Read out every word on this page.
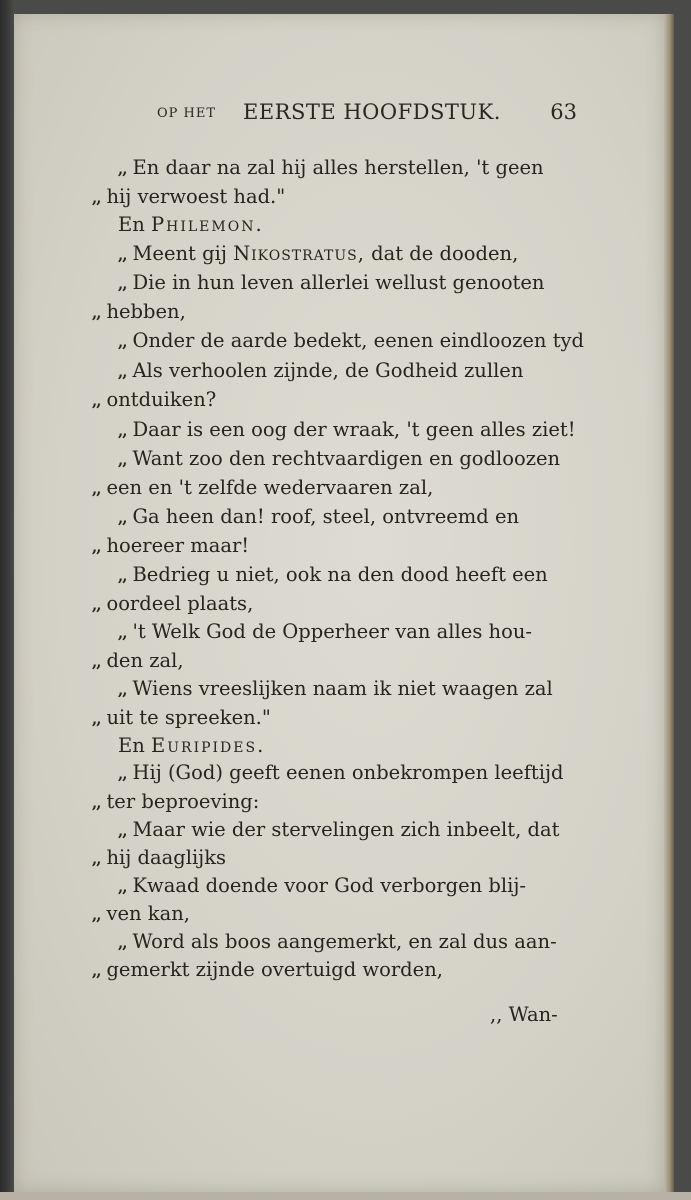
OP HET EERSTE HOOFDSTUK. 63
,, En daar na zal hij alles herstellen, 't geen
,, hij verwoest had."
En Philemon.
,, Meent gij Nikostratus, dat de dooden,
,, Die in hun leven allerlei wellust genooten
,, hebben,
,, Onder de aarde bedekt, eenen eindloozen tyd
,, Als verhoolen zijnde, de Godheid zullen
,, ontduiken?
,, Daar is een oog der wraak, 't geen alles ziet!
,, Want zoo den rechtvaardigen en godloozen
,, een en 't zelfde wedervaaren zal,
,, Ga heen dan! roof, steel, ontvreemd en
,, hoereer maar!
,, Bedrieg u niet, ook na den dood heeft een
,, oordeel plaats,
,, 't Welk God de Opperheer van alles hou-
,, den zal,
,, Wiens vreeslijken naam ik niet waagen zal
,, uit te spreeken."
En Euripides.
,, Hij (God) geeft eenen onbekrompen leeftijd
,, ter beproeving:
,, Maar wie der stervelingen zich inbeelt, dat
,, hij daaglijks
,, Kwaad doende voor God verborgen blij-
,, ven kan,
,, Word als boos aangemerkt, en zal dus aan-
,, gemerkt zijnde overtuigd worden,
,, Wan-
